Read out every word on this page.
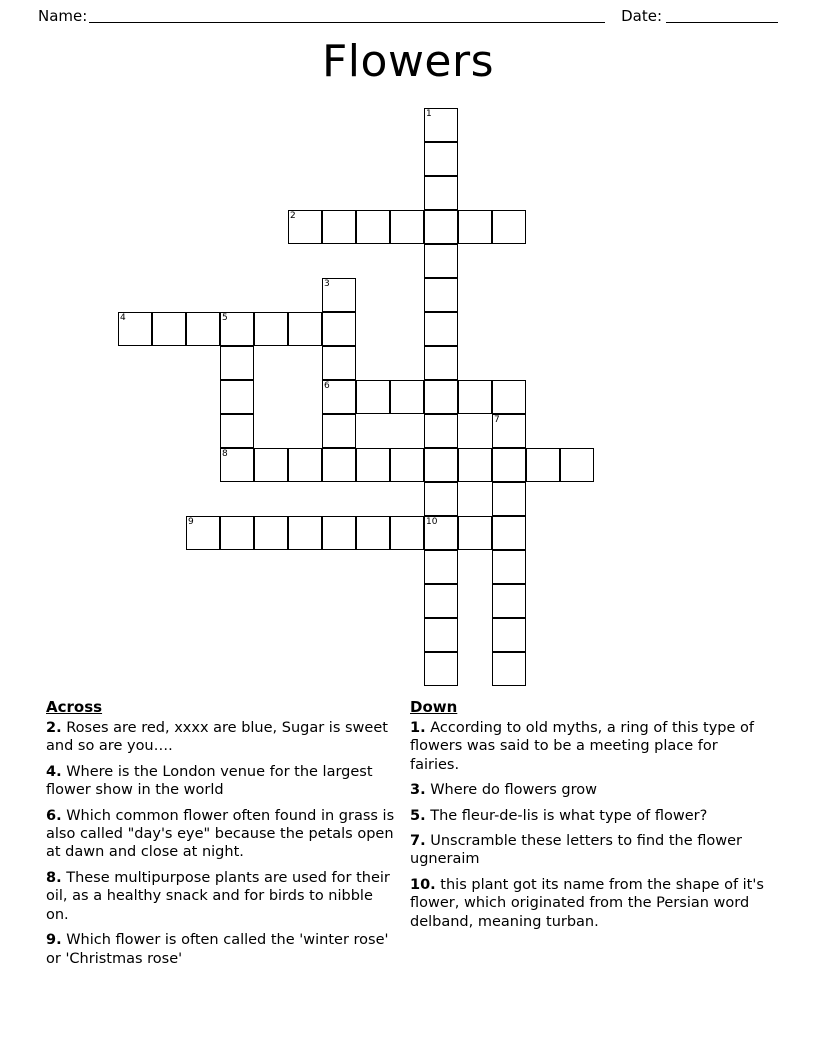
Name:	Date:
Flowers
1
2
3
4	5
6
7
8
9	10
Across

2. Roses are red, xxxx are blue, Sugar is sweet and so are you….

4. Where is the London venue for the largest flower show in the world

6. Which common flower often found in grass is also called "day's eye" because the petals open at dawn and close at night.

8. These multipurpose plants are used for their oil, as a healthy snack and for birds to nibble on.

9. Which flower is often called the 'winter rose' or 'Christmas rose'

Down

1. According to old myths, a ring of this type of flowers was said to be a meeting place for fairies.

3. Where do flowers grow

5. The fleur-de-lis is what type of flower?

7. Unscramble these letters to find the flower ugneraim

10. this plant got its name from the shape of it's flower, which originated from the Persian word delband, meaning turban.
